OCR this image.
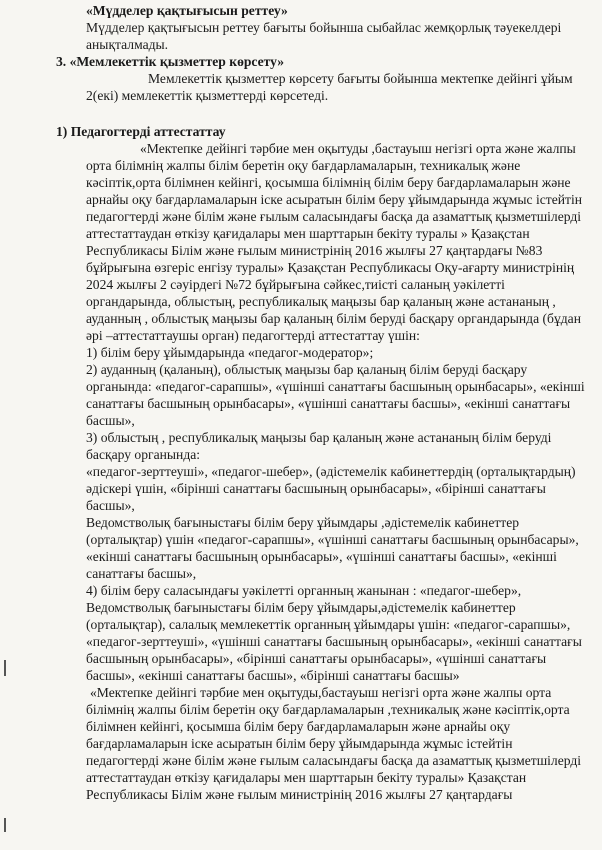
«Мүдделер қақтығысын реттеу»
Мүдделер қақтығысын реттеу бағыты бойынша сыбайлас жемқорлық тәуекелдері
анықталмады.
3. «Мемлекеттік қызметтер көрсету»
Мемлекеттік қызметтер көрсету бағыты бойынша мектепке дейінгі ұйым
2(екі) мемлекеттік қызметтерді көрсетеді.
1) Педагогтерді аттестаттау
«Мектепке дейінгі тәрбие мен оқытуды ,бастауыш негізгі орта және жалпы
орта білімнің жалпы білім беретін оқу бағдарламаларын, техникалық және
кәсіптік,орта білімнен кейінгі, қосымша білімнің білім беру бағдарламаларын және
арнайы оқу бағдарламаларын іске асыратын білім беру ұйымдарында жұмыс істейтін
педагогтерді және білім және ғылым саласындағы басқа да азаматтық қызметшілерді
аттестаттаудан өткізу қағидалары мен шарттарын бекіту туралы » Қазақстан
Республикасы Білім және ғылым министрінің 2016 жылғы 27 қаңтардағы №83
бұйрығына өзгеріс енгізу туралы» Қазақстан Республикасы Оқу-ағарту министрінің
2024 жылғы 2 сәуірдегі №72 бұйрығына сәйкес,тиісті саланың уәкілетті
органдарында, облыстың, республикалық маңызы бар қаланың және астананың ,
ауданның , облыстық маңызы бар қаланың білім беруді басқару органдарында (бұдан
әрі –аттестаттаушы орган) педагогтерді аттестаттау үшін:
1) білім беру ұйымдарында «педагог-модератор»;
2) ауданның (қаланың), облыстық маңызы бар қаланың білім беруді басқару
органында: «педагог-сарапшы», «үшінші санаттағы басшының орынбасары», «екінші
санаттағы басшының орынбасары», «үшінші санаттағы басшы», «екінші санаттағы
басшы»,
3) облыстың , республикалық маңызы бар қаланың және астананың білім беруді
басқару органында:
«педагог-зерттеуші», «педагог-шебер», (әдістемелік кабинеттердің (орталықтардың)
әдіскері үшін, «бірінші санаттағы басшының орынбасары», «бірінші санаттағы
басшы»,
Ведомстволық бағыныстағы білім беру ұйымдары ,әдістемелік кабинеттер
(орталықтар) үшін «педагог-сарапшы», «үшінші санаттағы басшының орынбасары»,
«екінші санаттағы басшының орынбасары», «үшінші санаттағы басшы», «екінші
санаттағы басшы»,
4) білім беру саласындағы уәкілетті органның жанынан : «педагог-шебер»,
Ведомстволық бағыныстағы білім беру ұйымдары,әдістемелік кабинеттер
(орталықтар), салалық мемлекеттік органның ұйымдары үшін: «педагог-сарапшы»,
«педагог-зерттеуші», «үшінші санаттағы басшының орынбасары», «екінші санаттағы
басшының орынбасары», «бірінші санаттағы орынбасары», «үшінші санаттағы
басшы», «екінші санаттағы басшы», «бірінші санаттағы басшы»
«Мектепке дейінгі тәрбие мен оқытуды,бастауыш негізгі орта және жалпы орта
білімнің жалпы білім беретін оқу бағдарламаларын ,техникалық және кәсіптік,орта
білімнен кейінгі, қосымша білім беру бағдарламаларын және арнайы оқу
бағдарламаларын іске асыратын білім беру ұйымдарында жұмыс істейтін
педагогтерді және білім және ғылым саласындағы басқа да азаматтық қызметшілерді
аттестаттаудан өткізу қағидалары мен шарттарын бекіту туралы» Қазақстан
Республикасы Білім және ғылым министрінің 2016 жылғы 27 қаңтардағы
